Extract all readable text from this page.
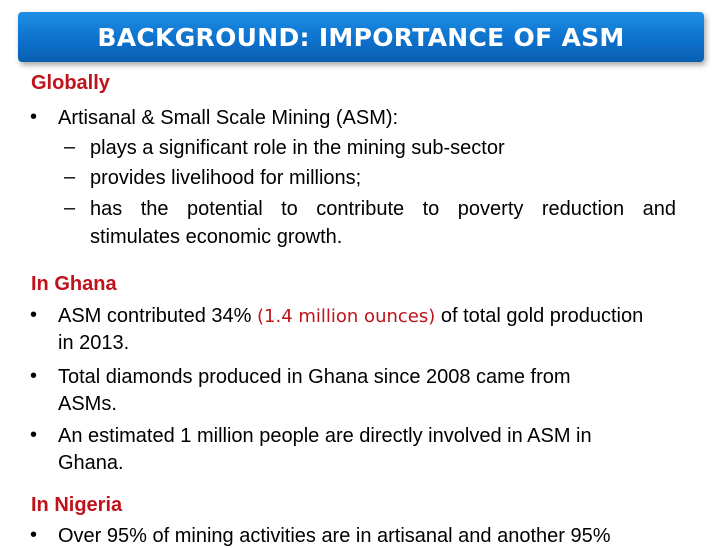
BACKGROUND: IMPORTANCE OF ASM
Globally
• Artisanal & Small Scale Mining (ASM):
– plays a significant role in the mining sub-sector
– provides livelihood for millions;
– has the potential to contribute to poverty reduction and
stimulates economic growth.
In Ghana
• ASM contributed 34% (1.4 million ounces) of total gold production
in 2013.
• Total diamonds produced in Ghana since 2008 came from
ASMs.
• An estimated 1 million people are directly involved in ASM in
Ghana.
In Nigeria
• Over 95% of mining activities are in artisanal and another 95%
